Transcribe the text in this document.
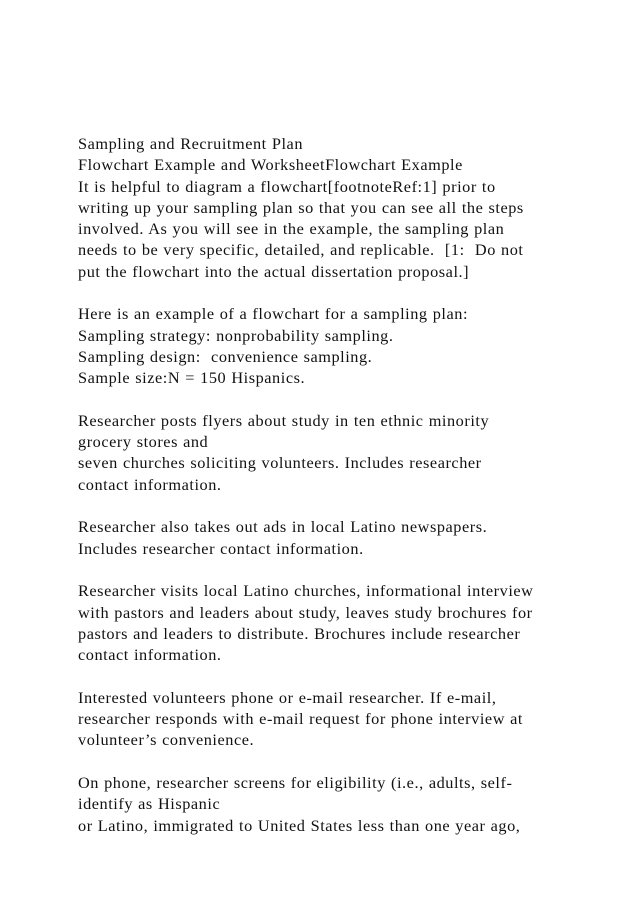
Sampling and Recruitment Plan
Flowchart Example and WorksheetFlowchart Example
It is helpful to diagram a flowchart[footnoteRef:1] prior to
writing up your sampling plan so that you can see all the steps
involved. As you will see in the example, the sampling plan
needs to be very specific, detailed, and replicable.  [1:  Do not
put the flowchart into the actual dissertation proposal.]
Here is an example of a flowchart for a sampling plan:
Sampling strategy: nonprobability sampling.
Sampling design:  convenience sampling.
Sample size:N = 150 Hispanics.
Researcher posts flyers about study in ten ethnic minority
grocery stores and
seven churches soliciting volunteers. Includes researcher
contact information.
Researcher also takes out ads in local Latino newspapers.
Includes researcher contact information.
Researcher visits local Latino churches, informational interview
with pastors and leaders about study, leaves study brochures for
pastors and leaders to distribute. Brochures include researcher
contact information.
Interested volunteers phone or e-mail researcher. If e-mail,
researcher responds with e-mail request for phone interview at
volunteer’s convenience.
On phone, researcher screens for eligibility (i.e., adults, self-
identify as Hispanic
or Latino, immigrated to United States less than one year ago,
